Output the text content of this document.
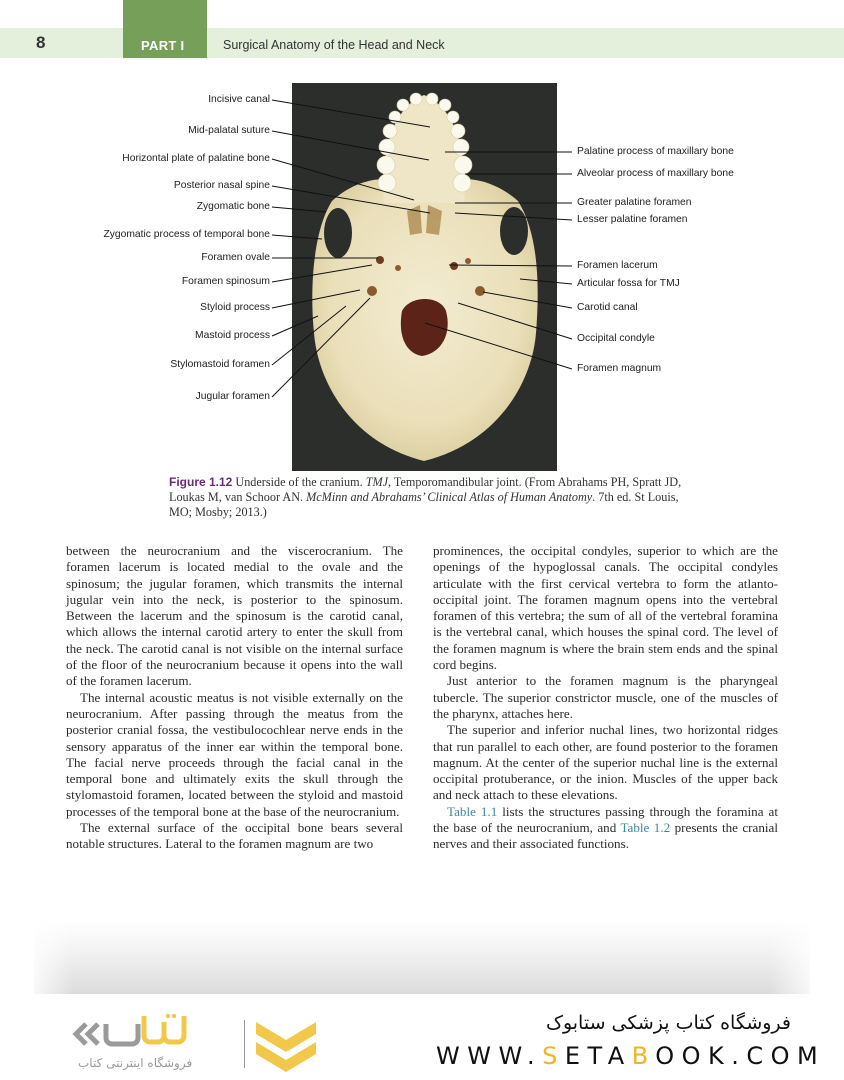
8	PART I	Surgical Anatomy of the Head and Neck
Incisive canal
Mid-palatal suture
Horizontal plate of palatine bone
Posterior nasal spine
Zygomatic bone
Zygomatic process of temporal bone
Foramen ovale
Foramen spinosum
Styloid process
Mastoid process
Stylomastoid foramen
Jugular foramen
Palatine process of maxillary bone
Alveolar process of maxillary bone
Greater palatine foramen
Lesser palatine foramen
Foramen lacerum
Articular fossa for TMJ
Carotid canal
Occipital condyle
Foramen magnum
Figure 1.12 Underside of the cranium. TMJ, Temporomandibular joint. (From Abrahams PH, Spratt JD, Loukas M, van Schoor AN. McMinn and Abrahams’ Clinical Atlas of Human Anatomy. 7th ed. St Louis, MO; Mosby; 2013.)

between the neurocranium and the viscerocranium. The foramen lacerum is located medial to the ovale and the spinosum; the jugular foramen, which transmits the internal jugular vein into the neck, is posterior to the spinosum. Between the lacerum and the spinosum is the carotid canal, which allows the internal carotid artery to enter the skull from the neck. The carotid canal is not visible on the internal surface of the floor of the neurocranium because it opens into the wall of the foramen lacerum.

The internal acoustic meatus is not visible externally on the neurocranium. After passing through the meatus from the posterior cranial fossa, the vestibulocochlear nerve ends in the sensory apparatus of the inner ear within the temporal bone. The facial nerve proceeds through the facial canal in the temporal bone and ultimately exits the skull through the stylomastoid foramen, located between the styloid and mastoid processes of the temporal bone at the base of the neurocranium.

The external surface of the occipital bone bears several notable structures. Lateral to the foramen magnum are two

prominences, the occipital condyles, superior to which are the openings of the hypoglossal canals. The occipital condyles articulate with the first cervical vertebra to form the atlanto-occipital joint. The foramen magnum opens into the vertebral foramen of this vertebra; the sum of all of the vertebral foramina is the vertebral canal, which houses the spinal cord. The level of the foramen magnum is where the brain stem ends and the spinal cord begins.

Just anterior to the foramen magnum is the pharyngeal tubercle. The superior constrictor muscle, one of the muscles of the pharynx, attaches here.

The superior and inferior nuchal lines, two horizontal ridges that run parallel to each other, are found posterior to the foramen magnum. At the center of the superior nuchal line is the external occipital protuberance, or the inion. Muscles of the upper back and neck attach to these elevations.

Table 1.1 lists the structures passing through the foramina at the base of the neurocranium, and Table 1.2 presents the cranial nerves and their associated functions.

فروشگاه اینترنتی کتاب
فروشگاه کتاب پزشکی ستابوک
WWW.SETABOOK.COM
